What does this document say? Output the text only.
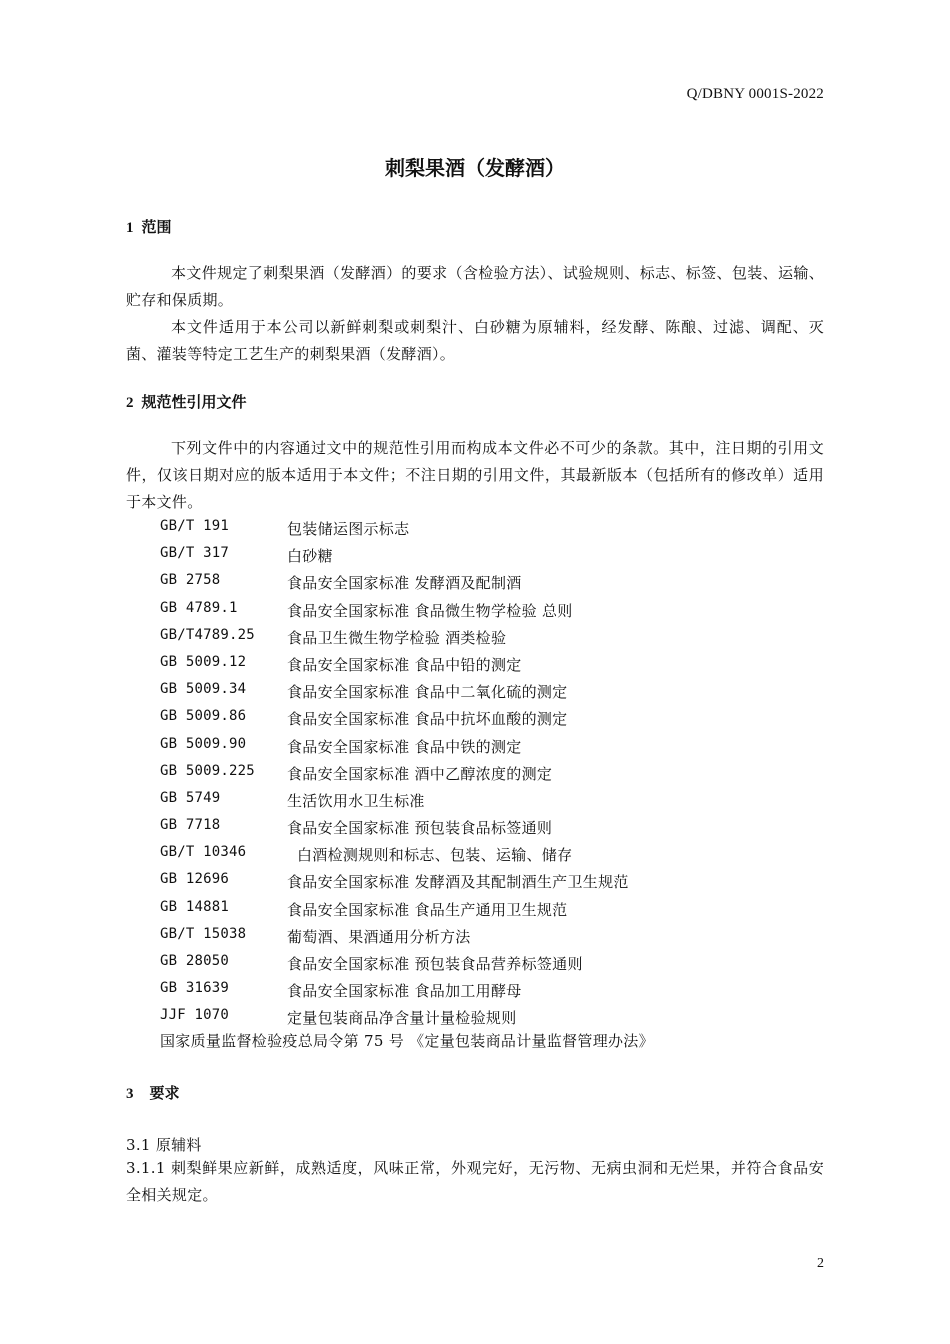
Q/DBNY 0001S-2022
刺梨果酒（发酵酒）
1 范围
本文件规定了刺梨果酒（发酵酒）的要求（含检验方法）、试验规则、标志、标签、包装、运输、贮存和保质期。
本文件适用于本公司以新鲜刺梨或刺梨汁、白砂糖为原辅料，经发酵、陈酿、过滤、调配、灭菌、灌装等特定工艺生产的刺梨果酒（发酵酒）。
2 规范性引用文件
下列文件中的内容通过文中的规范性引用而构成本文件必不可少的条款。其中，注日期的引用文件，仅该日期对应的版本适用于本文件；不注日期的引用文件，其最新版本（包括所有的修改单）适用于本文件。
GB/T 191	包装储运图示标志
GB/T 317	白砂糖
GB 2758	食品安全国家标准 发酵酒及配制酒
GB 4789.1	食品安全国家标准 食品微生物学检验 总则
GB/T4789.25	食品卫生微生物学检验 酒类检验
GB 5009.12	食品安全国家标准 食品中铅的测定
GB 5009.34	食品安全国家标准 食品中二氧化硫的测定
GB 5009.86	食品安全国家标准 食品中抗坏血酸的测定
GB 5009.90	食品安全国家标准 食品中铁的测定
GB 5009.225	食品安全国家标准 酒中乙醇浓度的测定
GB 5749	生活饮用水卫生标准
GB 7718	食品安全国家标准 预包装食品标签通则
GB/T 10346	白酒检测规则和标志、包装、运输、储存
GB 12696	食品安全国家标准 发酵酒及其配制酒生产卫生规范
GB 14881	食品安全国家标准 食品生产通用卫生规范
GB/T 15038	葡萄酒、果酒通用分析方法
GB 28050	食品安全国家标准 预包装食品营养标签通则
GB 31639	食品安全国家标准 食品加工用酵母
JJF 1070	定量包装商品净含量计量检验规则
国家质量监督检验疫总局令第 75 号 《定量包装商品计量监督管理办法》
3 要求
3.1 原辅料
3.1.1 刺梨鲜果应新鲜，成熟适度，风味正常，外观完好，无污物、无病虫洞和无烂果，并符合食品安全相关规定。
2
